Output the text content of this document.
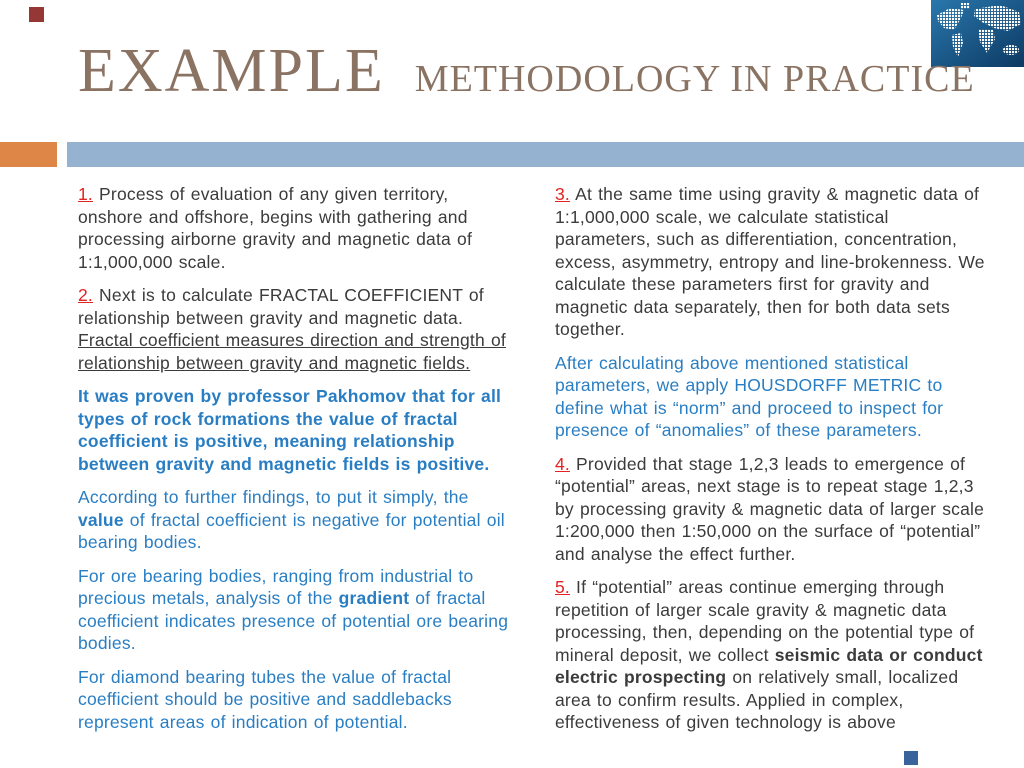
EXAMPLE METHODOLOGY IN PRACTICE

1. Process of evaluation of any given territory, onshore and offshore, begins with gathering and processing airborne gravity and magnetic data of 1:1,000,000 scale.

2. Next is to calculate FRACTAL COEFFICIENT of relationship between gravity and magnetic data. Fractal coefficient measures direction and strength of relationship between gravity and magnetic fields.

It was proven by professor Pakhomov that for all types of rock formations the value of fractal coefficient is positive, meaning relationship between gravity and magnetic fields is positive.

According to further findings, to put it simply, the value of fractal coefficient is negative for potential oil bearing bodies.

For ore bearing bodies, ranging from industrial to precious metals, analysis of the gradient of fractal coefficient indicates presence of potential ore bearing bodies.

For diamond bearing tubes the value of fractal coefficient should be positive and saddlebacks represent areas of indication of potential.

3. At the same time using gravity & magnetic data of 1:1,000,000 scale, we calculate statistical parameters, such as differentiation, concentration, excess, asymmetry, entropy and line-brokenness. We calculate these parameters first for gravity and magnetic data separately, then for both data sets together.

After calculating above mentioned statistical parameters, we apply HOUSDORFF METRIC to define what is “norm” and proceed to inspect for presence of “anomalies” of these parameters.

4. Provided that stage 1,2,3 leads to emergence of “potential” areas, next stage is to repeat stage 1,2,3 by processing gravity & magnetic data of larger scale 1:200,000 then 1:50,000 on the surface of “potential” and analyse the effect further.

5. If “potential” areas continue emerging through repetition of larger scale gravity & magnetic data processing, then, depending on the potential type of mineral deposit, we collect seismic data or conduct electric prospecting on relatively small, localized area to confirm results. Applied in complex, effectiveness of given technology is above
